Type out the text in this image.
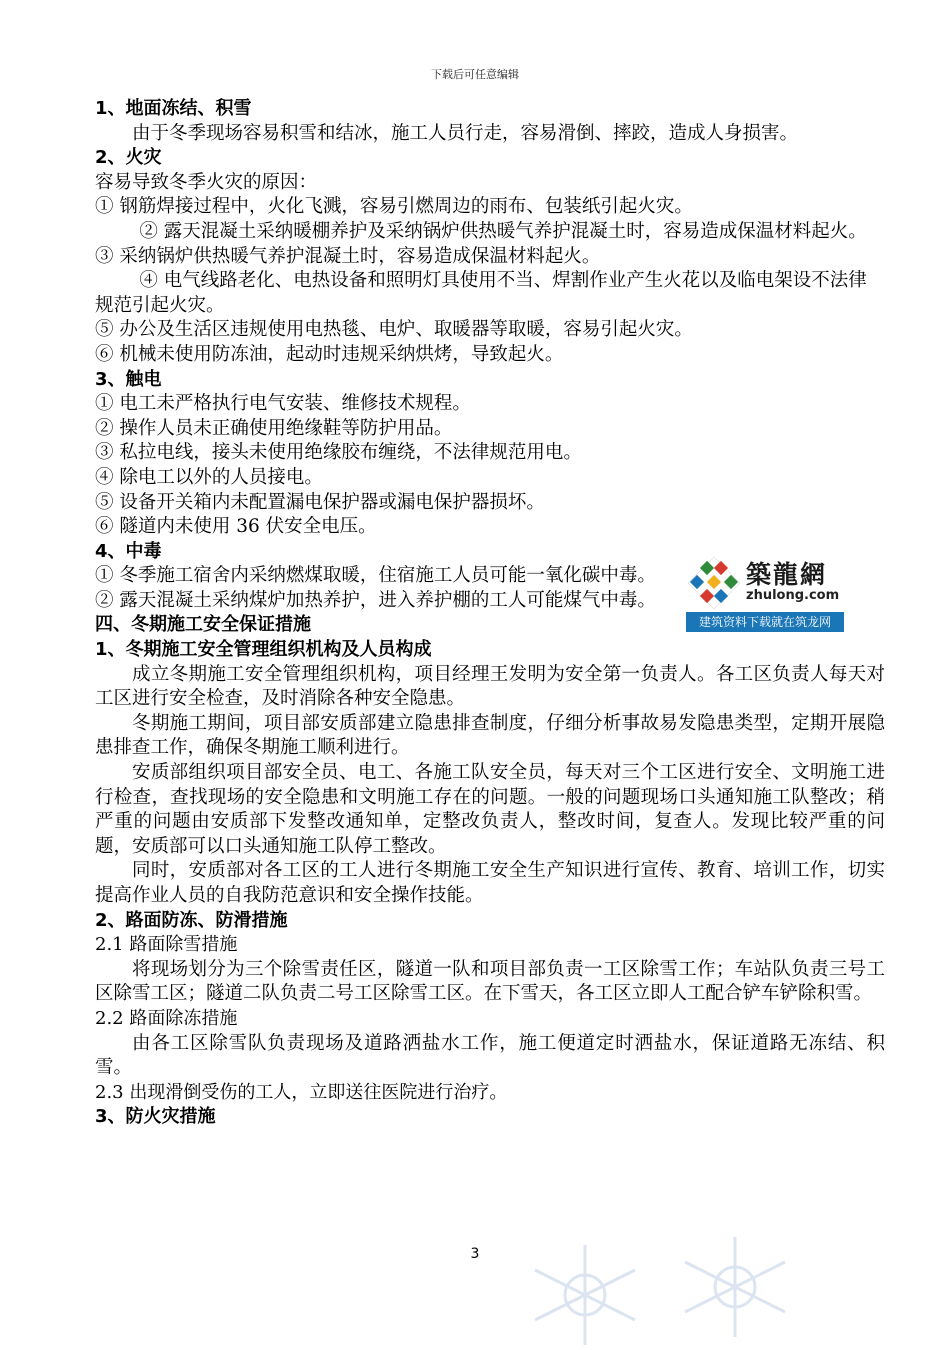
下载后可任意编辑

1、地面冻结、积雪

由于冬季现场容易积雪和结冰，施工人员行走，容易滑倒、摔跤，造成人身损害。

2、火灾

容易导致冬季火灾的原因：

① 钢筋焊接过程中，火化飞溅，容易引燃周边的雨布、包装纸引起火灾。

② 露天混凝土采纳暖棚养护及采纳锅炉供热暖气养护混凝土时，容易造成保温材料起火。

③ 采纳锅炉供热暖气养护混凝土时，容易造成保温材料起火。

④ 电气线路老化、电热设备和照明灯具使用不当、焊割作业产生火花以及临电架设不法律规范引起火灾。

⑤ 办公及生活区违规使用电热毯、电炉、取暖器等取暖，容易引起火灾。

⑥ 机械未使用防冻油，起动时违规采纳烘烤，导致起火。

3、触电

① 电工未严格执行电气安装、维修技术规程。

② 操作人员未正确使用绝缘鞋等防护用品。

③ 私拉电线，接头未使用绝缘胶布缠绕，不法律规范用电。

④ 除电工以外的人员接电。

⑤ 设备开关箱内未配置漏电保护器或漏电保护器损坏。

⑥ 隧道内未使用 36 伏安全电压。

4、中毒

① 冬季施工宿舍内采纳燃煤取暖，住宿施工人员可能一氧化碳中毒。

② 露天混凝土采纳煤炉加热养护，进入养护棚的工人可能煤气中毒。

四、冬期施工安全保证措施

1、冬期施工安全管理组织机构及人员构成

成立冬期施工安全管理组织机构，项目经理王发明为安全第一负责人。各工区负责人每天对工区进行安全检查，及时消除各种安全隐患。

冬期施工期间，项目部安质部建立隐患排查制度，仔细分析事故易发隐患类型，定期开展隐患排查工作，确保冬期施工顺利进行。

安质部组织项目部安全员、电工、各施工队安全员，每天对三个工区进行安全、文明施工进行检查，查找现场的安全隐患和文明施工存在的问题。一般的问题现场口头通知施工队整改；稍严重的问题由安质部下发整改通知单，定整改负责人，整改时间，复查人。发现比较严重的问题，安质部可以口头通知施工队停工整改。

同时，安质部对各工区的工人进行冬期施工安全生产知识进行宣传、教育、培训工作，切实提高作业人员的自我防范意识和安全操作技能。

2、路面防冻、防滑措施

2.1 路面除雪措施

将现场划分为三个除雪责任区，隧道一队和项目部负责一工区除雪工作；车站队负责三号工区除雪工区；隧道二队负责二号工区除雪工区。在下雪天，各工区立即人工配合铲车铲除积雪。

2.2 路面除冻措施

由各工区除雪队负责现场及道路洒盐水工作，施工便道定时洒盐水，保证道路无冻结、积雪。

2.3 出现滑倒受伤的工人，立即送往医院进行治疗。

3、防火灾措施

築龍網
zhulong.com
建筑资料下载就在筑龙网
3
